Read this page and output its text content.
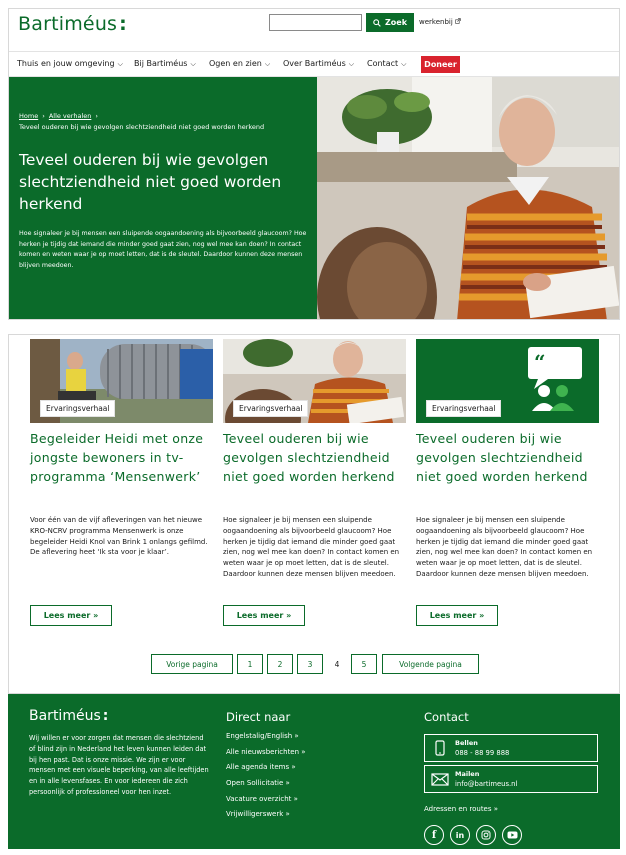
Bartiméus :	Zoek werkenbij
Thuis en jouw omgeving ⌵ Bij Bartiméus ⌵ Ogen en zien ⌵ Over Bartiméus ⌵ Contact ⌵	Doneer
Home › Alle verhalen ›
Teveel ouderen bij wie gevolgen slechtziendheid niet goed worden herkend
Teveel ouderen bij wie gevolgen slechtziendheid niet goed worden herkend

Hoe signaleer je bij mensen een sluipende oogaandoening als bijvoorbeeld glaucoom? Hoe herken je tijdig dat iemand die minder goed gaat zien, nog wel mee kan doen? In contact komen en weten waar je op moet letten, dat is de sleutel. Daardoor kunnen deze mensen blijven meedoen.

Ervaringsverhaal
Begeleider Heidi met onze jongste bewoners in tv-programma ‘Mensenwerk’

Voor één van de vijf afleveringen van het nieuwe KRO-NCRV programma Mensenwerk is onze begeleider Heidi Knol van Brink 1 onlangs gefilmd. De aflevering heet ‘Ik sta voor je klaar’.

Lees meer »
Ervaringsverhaal
Teveel ouderen bij wie gevolgen slechtziendheid niet goed worden herkend

Hoe signaleer je bij mensen een sluipende oogaandoening als bijvoorbeeld glaucoom? Hoe herken je tijdig dat iemand die minder goed gaat zien, nog wel mee kan doen? In contact komen en weten waar je op moet letten, dat is de sleutel. Daardoor kunnen deze mensen blijven meedoen.

Lees meer »
“
Ervaringsverhaal
Teveel ouderen bij wie gevolgen slechtziendheid niet goed worden herkend

Hoe signaleer je bij mensen een sluipende oogaandoening als bijvoorbeeld glaucoom? Hoe herken je tijdig dat iemand die minder goed gaat zien, nog wel mee kan doen? In contact komen en weten waar je op moet letten, dat is de sleutel. Daardoor kunnen deze mensen blijven meedoen.

Lees meer »
Vorige pagina	1	2	3	4	5	Volgende pagina
Bartiméus :

Wij willen er voor zorgen dat mensen die slechtziend of blind zijn in Nederland het leven kunnen leiden dat bij hen past. Dat is onze missie. We zijn er voor mensen met een visuele beperking, van alle leeftijden en in alle levensfases. En voor iedereen die zich persoonlijk of professioneel voor hen inzet.

Direct naar
Engelstalig/English »
Alle nieuwsberichten »
Alle agenda items »
Open Sollicitatie »
Vacature overzicht »
Vrijwilligerswerk »
Contact
Bellen
088 - 88 99 888
Mailen
info@bartimeus.nl
Adressen en routes »
f in
